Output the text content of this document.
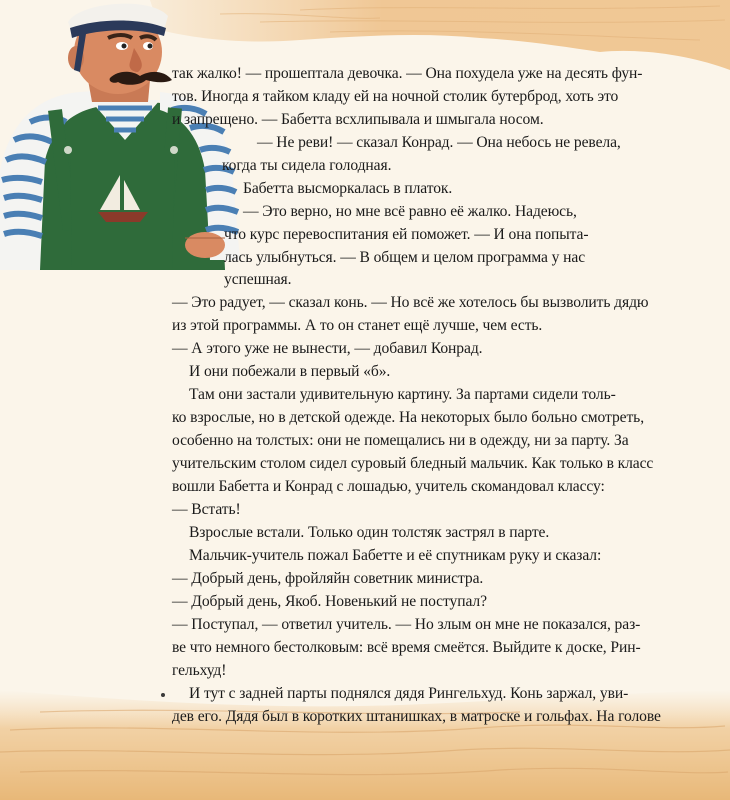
так жалко! — прошептала девочка. — Она похудела уже на десять фун-
тов. Иногда я тайком кладу ей на ночной столик бутерброд, хоть это
и запрещено. — Бабетта всхлипывала и шмыгала носом.
— Не реви! — сказал Конрад. — Она небось не ревела,
когда ты сидела голодная.
Бабетта высморкалась в платок.
— Это верно, но мне всё равно её жалко. Надеюсь,
что курс перевоспитания ей поможет. — И она попыта-
лась улыбнуться. — В общем и целом программа у нас
успешная.
— Это радует, — сказал конь. — Но всё же хотелось бы вызволить дядю
из этой программы. А то он станет ещё лучше, чем есть.
— А этого уже не вынести, — добавил Конрад.
И они побежали в первый «б».
Там они застали удивительную картину. За партами сидели толь-
ко взрослые, но в детской одежде. На некоторых было больно смотреть,
особенно на толстых: они не помещались ни в одежду, ни за парту. За
учительским столом сидел суровый бледный мальчик. Как только в класс
вошли Бабетта и Конрад с лошадью, учитель скомандовал классу:
— Встать!
Взрослые встали. Только один толстяк застрял в парте.
Мальчик-учитель пожал Бабетте и её спутникам руку и сказал:
— Добрый день, фройляйн советник министра.
— Добрый день, Якоб. Новенький не поступал?
— Поступал, — ответил учитель. — Но злым он мне не показался, раз-
ве что немного бестолковым: всё время смеётся. Выйдите к доске, Рин-
гельхуд!
И тут с задней парты поднялся дядя Рингельхуд. Конь заржал, уви-
дев его. Дядя был в коротких штанишках, в матроске и гольфах. На голове
